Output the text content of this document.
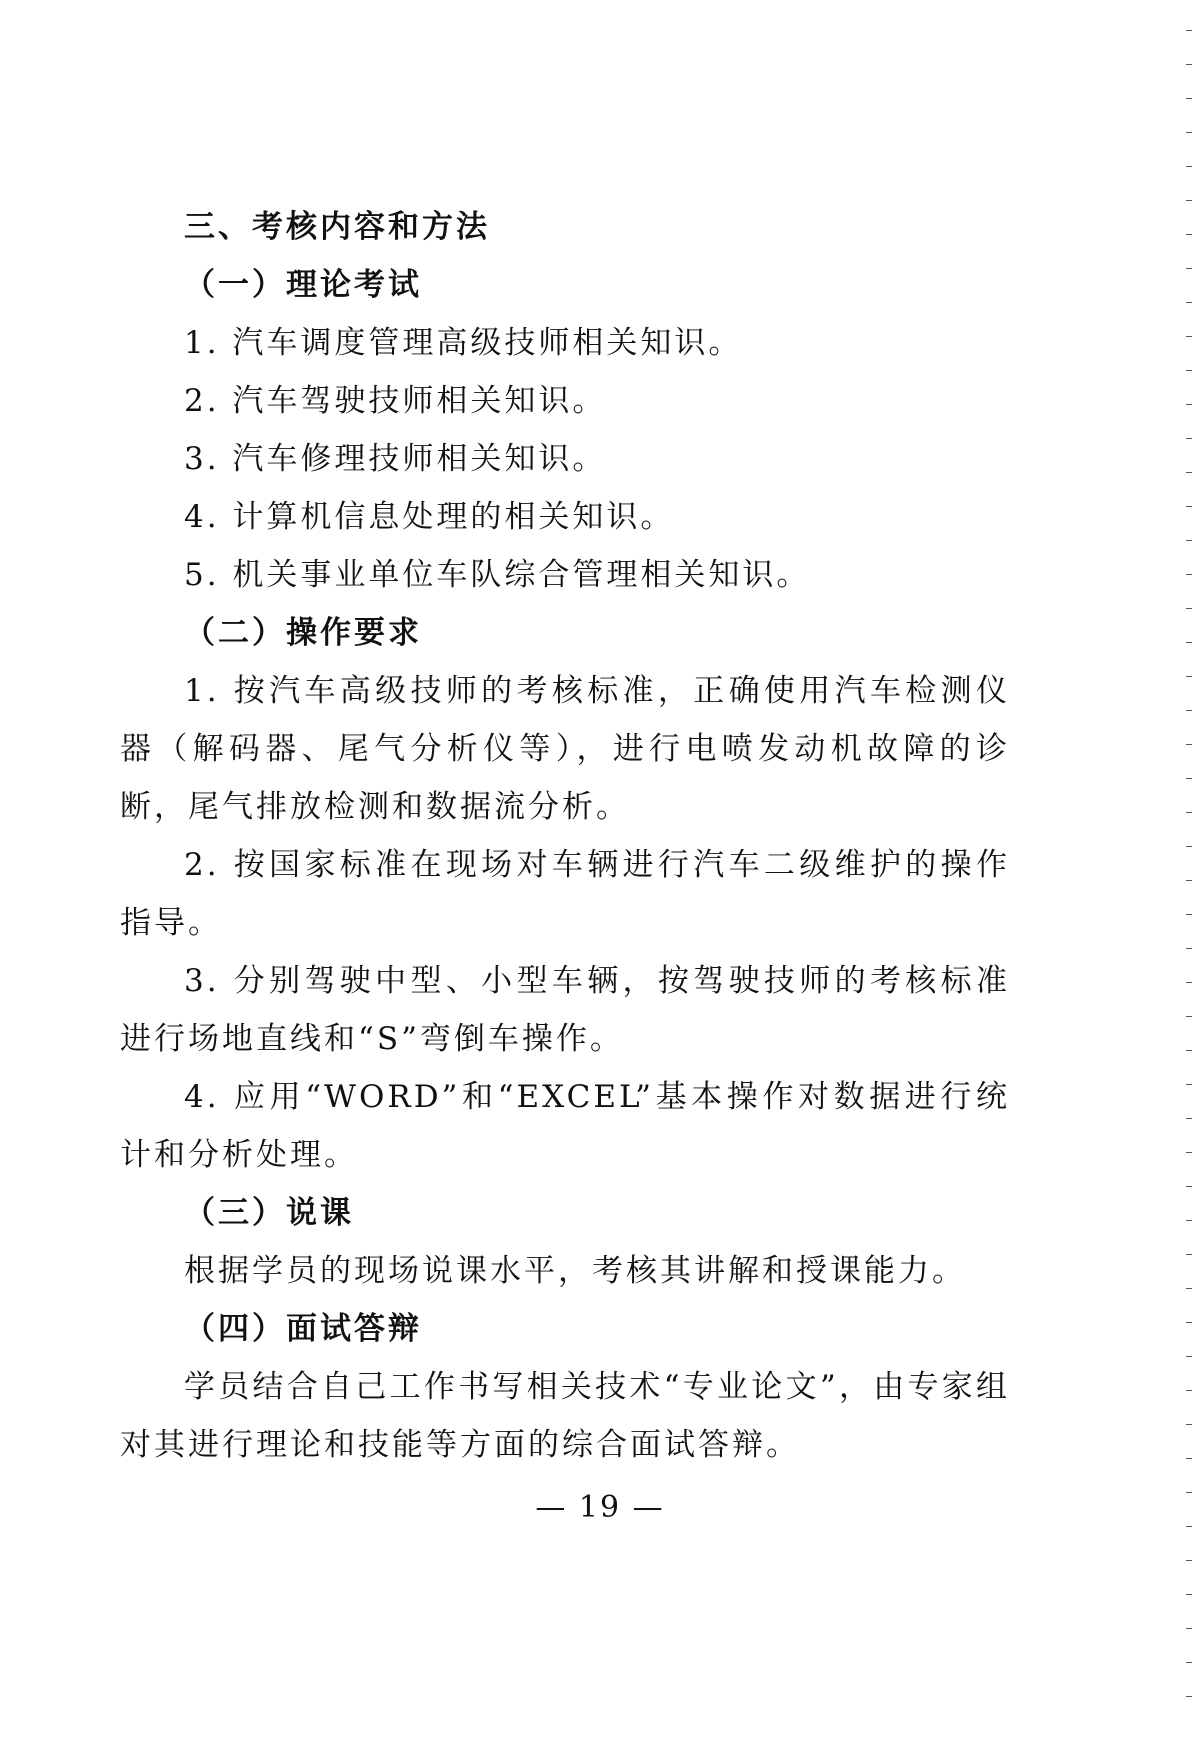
三、考核内容和方法
（一）理论考试
1. 汽车调度管理高级技师相关知识。
2. 汽车驾驶技师相关知识。
3. 汽车修理技师相关知识。
4. 计算机信息处理的相关知识。
5. 机关事业单位车队综合管理相关知识。
（二）操作要求

1. 按汽车高级技师的考核标准，正确使用汽车检测仪器（解码器、尾气分析仪等），进行电喷发动机故障的诊断，尾气排放检测和数据流分析。

2. 按国家标准在现场对车辆进行汽车二级维护的操作指导。

3. 分别驾驶中型、小型车辆，按驾驶技师的考核标准进行场地直线和“S”弯倒车操作。

4. 应用“WORD”和“EXCEL”基本操作对数据进行统计和分析处理。

（三）说课

根据学员的现场说课水平，考核其讲解和授课能力。

（四）面试答辩

学员结合自己工作书写相关技术“专业论文”，由专家组对其进行理论和技能等方面的综合面试答辩。

— 19 —
